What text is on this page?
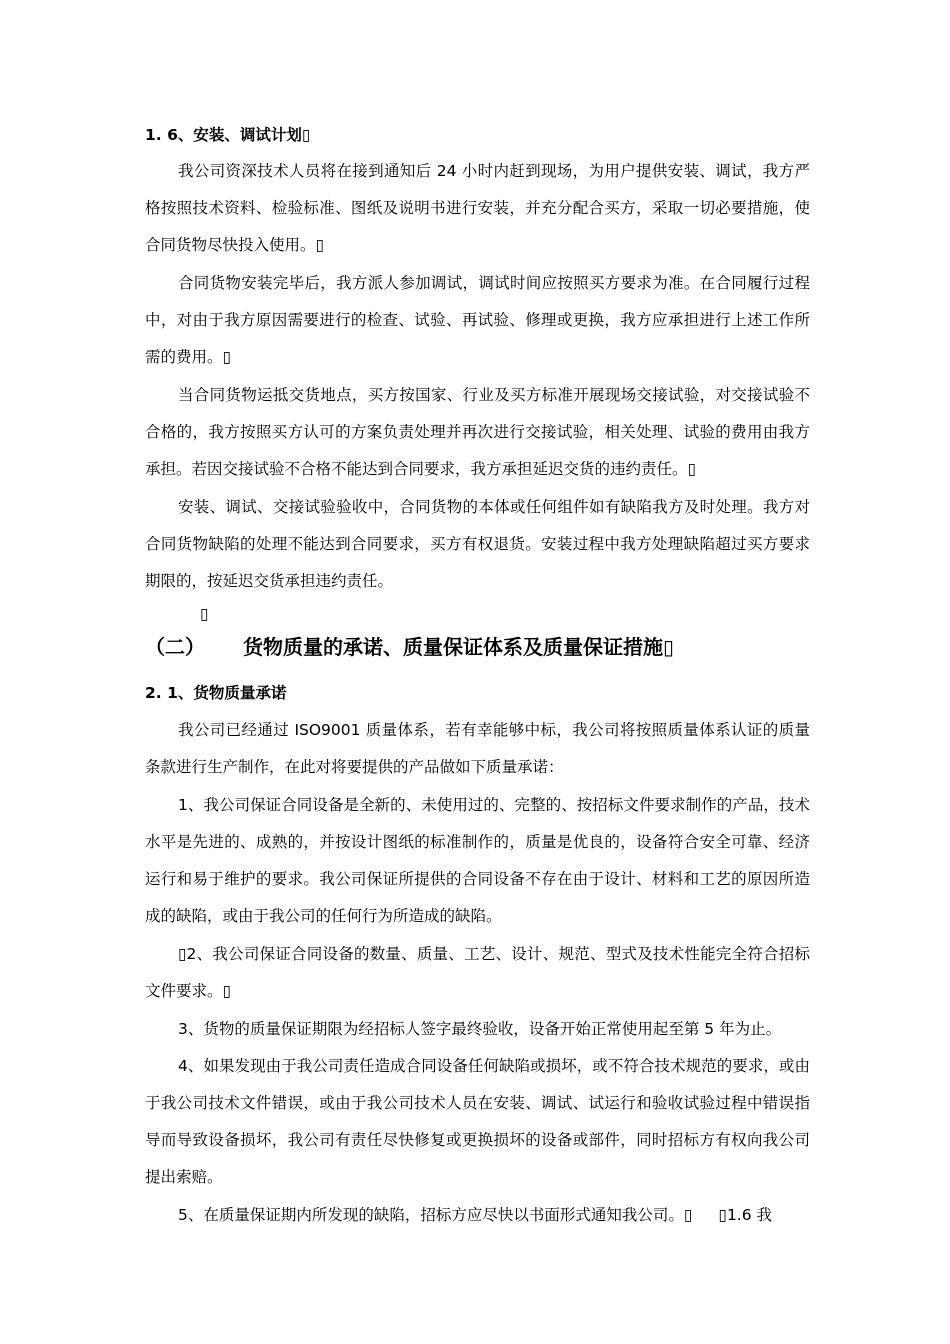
1. 6、安装、调试计划▯

我公司资深技术人员将在接到通知后 24 小时内赶到现场，为用户提供安装、调试，我方严格按照技术资料、检验标准、图纸及说明书进行安装，并充分配合买方，采取一切必要措施，使合同货物尽快投入使用。▯

合同货物安装完毕后，我方派人参加调试，调试时间应按照买方要求为准。在合同履行过程中，对由于我方原因需要进行的检查、试验、再试验、修理或更换，我方应承担进行上述工作所需的费用。▯

当合同货物运抵交货地点，买方按国家、行业及买方标准开展现场交接试验，对交接试验不合格的，我方按照买方认可的方案负责处理并再次进行交接试验，相关处理、试验的费用由我方承担。若因交接试验不合格不能达到合同要求，我方承担延迟交货的违约责任。▯

安装、调试、交接试验验收中，合同货物的本体或任何组件如有缺陷我方及时处理。我方对合同货物缺陷的处理不能达到合同要求，买方有权退货。安装过程中我方处理缺陷超过买方要求期限的，按延迟交货承担违约责任。

▯

（二） 货物质量的承诺、质量保证体系及质量保证措施▯

2. 1、货物质量承诺

我公司已经通过 ISO9001 质量体系，若有幸能够中标，我公司将按照质量体系认证的质量条款进行生产制作，在此对将要提供的产品做如下质量承诺：

1、我公司保证合同设备是全新的、未使用过的、完整的、按招标文件要求制作的产品，技术水平是先进的、成熟的，并按设计图纸的标准制作的，质量是优良的，设备符合安全可靠、经济运行和易于维护的要求。我公司保证所提供的合同设备不存在由于设计、材料和工艺的原因所造成的缺陷，或由于我公司的任何行为所造成的缺陷。

▯2、我公司保证合同设备的数量、质量、工艺、设计、规范、型式及技术性能完全符合招标文件要求。▯

3、货物的质量保证期限为经招标人签字最终验收，设备开始正常使用起至第 5 年为止。

4、如果发现由于我公司责任造成合同设备任何缺陷或损坏，或不符合技术规范的要求，或由于我公司技术文件错误，或由于我公司技术人员在安装、调试、试运行和验收试验过程中错误指导而导致设备损坏，我公司有责任尽快修复或更换损坏的设备或部件，同时招标方有权向我公司提出索赔。

5、在质量保证期内所发现的缺陷，招标方应尽快以书面形式通知我公司。▯ ▯1.6 我
